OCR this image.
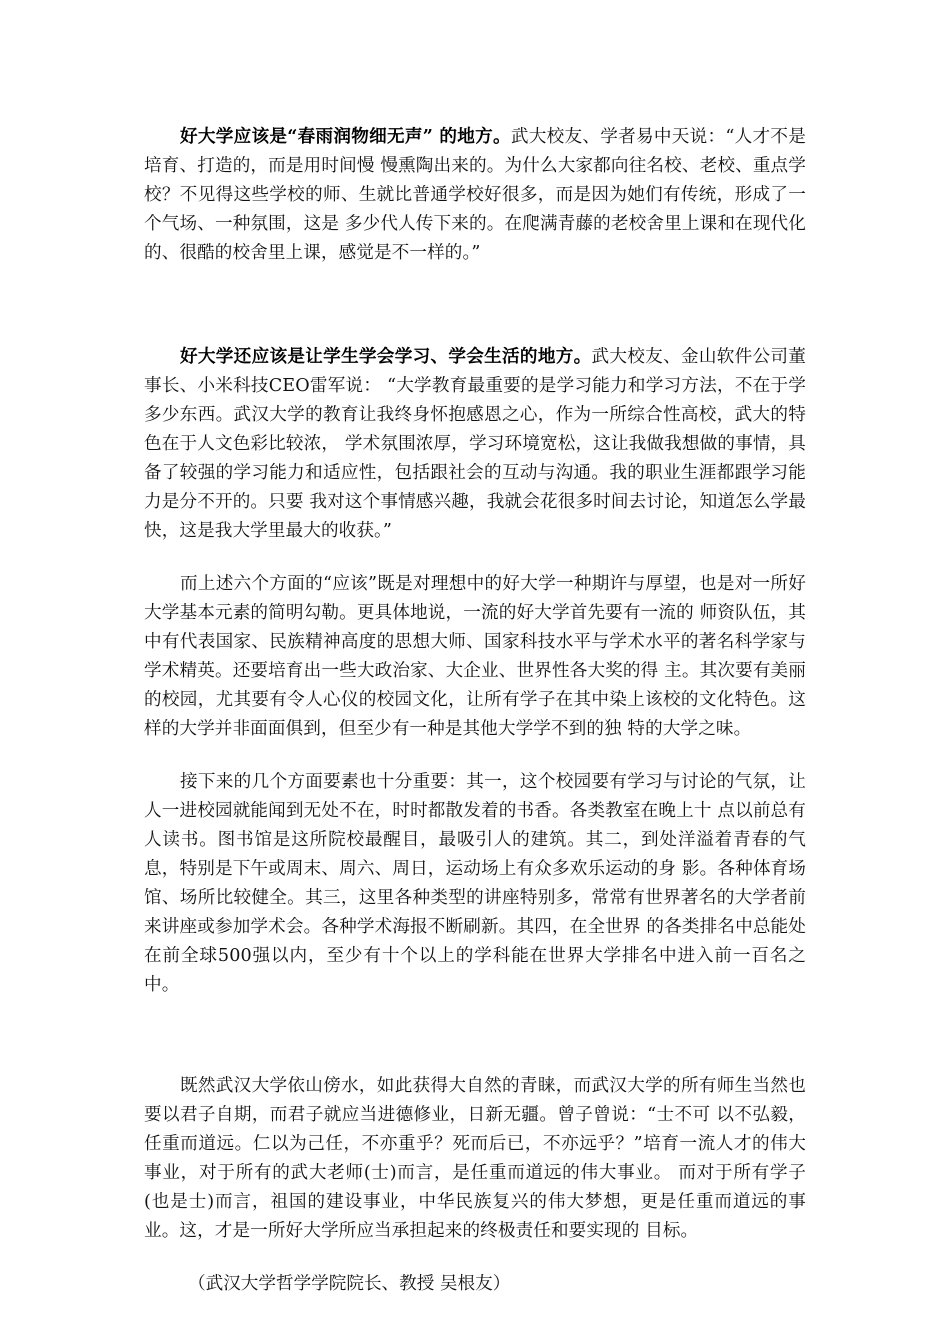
好大学应该是“春雨润物细无声” 的地方。武大校友、学者易中天说：“人才不是培育、打造的，而是用时间慢 慢熏陶出来的。为什么大家都向往名校、老校、重点学校？不见得这些学校的师、生就比普通学校好很多，而是因为她们有传统，形成了一个气场、一种氛围，这是 多少代人传下来的。在爬满青藤的老校舍里上课和在现代化的、很酷的校舍里上课，感觉是不一样的。”

好大学还应该是让学生学会学习、学会生活的地方。武大校友、金山软件公司董事长、小米科技CEO雷军说： “大学教育最重要的是学习能力和学习方法，不在于学多少东西。武汉大学的教育让我终身怀抱感恩之心，作为一所综合性高校，武大的特色在于人文色彩比较浓， 学术氛围浓厚，学习环境宽松，这让我做我想做的事情，具备了较强的学习能力和适应性，包括跟社会的互动与沟通。我的职业生涯都跟学习能力是分不开的。只要 我对这个事情感兴趣，我就会花很多时间去讨论，知道怎么学最快，这是我大学里最大的收获。”

而上述六个方面的“应该”既是对理想中的好大学一种期许与厚望，也是对一所好大学基本元素的简明勾勒。更具体地说，一流的好大学首先要有一流的 师资队伍，其中有代表国家、民族精神高度的思想大师、国家科技水平与学术水平的著名科学家与学术精英。还要培育出一些大政治家、大企业、世界性各大奖的得 主。其次要有美丽的校园，尤其要有令人心仪的校园文化，让所有学子在其中染上该校的文化特色。这样的大学并非面面俱到，但至少有一种是其他大学学不到的独 特的大学之味。

接下来的几个方面要素也十分重要：其一，这个校园要有学习与讨论的气氛，让人一进校园就能闻到无处不在，时时都散发着的书香。各类教室在晚上十 点以前总有人读书。图书馆是这所院校最醒目，最吸引人的建筑。其二，到处洋溢着青春的气息，特别是下午或周末、周六、周日，运动场上有众多欢乐运动的身 影。各种体育场馆、场所比较健全。其三，这里各种类型的讲座特别多，常常有世界著名的大学者前来讲座或参加学术会。各种学术海报不断刷新。其四，在全世界 的各类排名中总能处在前全球500强以内，至少有十个以上的学科能在世界大学排名中进入前一百名之中。

既然武汉大学依山傍水，如此获得大自然的青睐，而武汉大学的所有师生当然也要以君子自期，而君子就应当进德修业，日新无疆。曾子曾说：“士不可 以不弘毅，任重而道远。仁以为己任，不亦重乎？死而后已，不亦远乎？”培育一流人才的伟大事业，对于所有的武大老师(士)而言，是任重而道远的伟大事业。 而对于所有学子(也是士)而言，祖国的建设事业，中华民族复兴的伟大梦想，更是任重而道远的事业。这，才是一所好大学所应当承担起来的终极责任和要实现的 目标。

（武汉大学哲学学院院长、教授 吴根友）
